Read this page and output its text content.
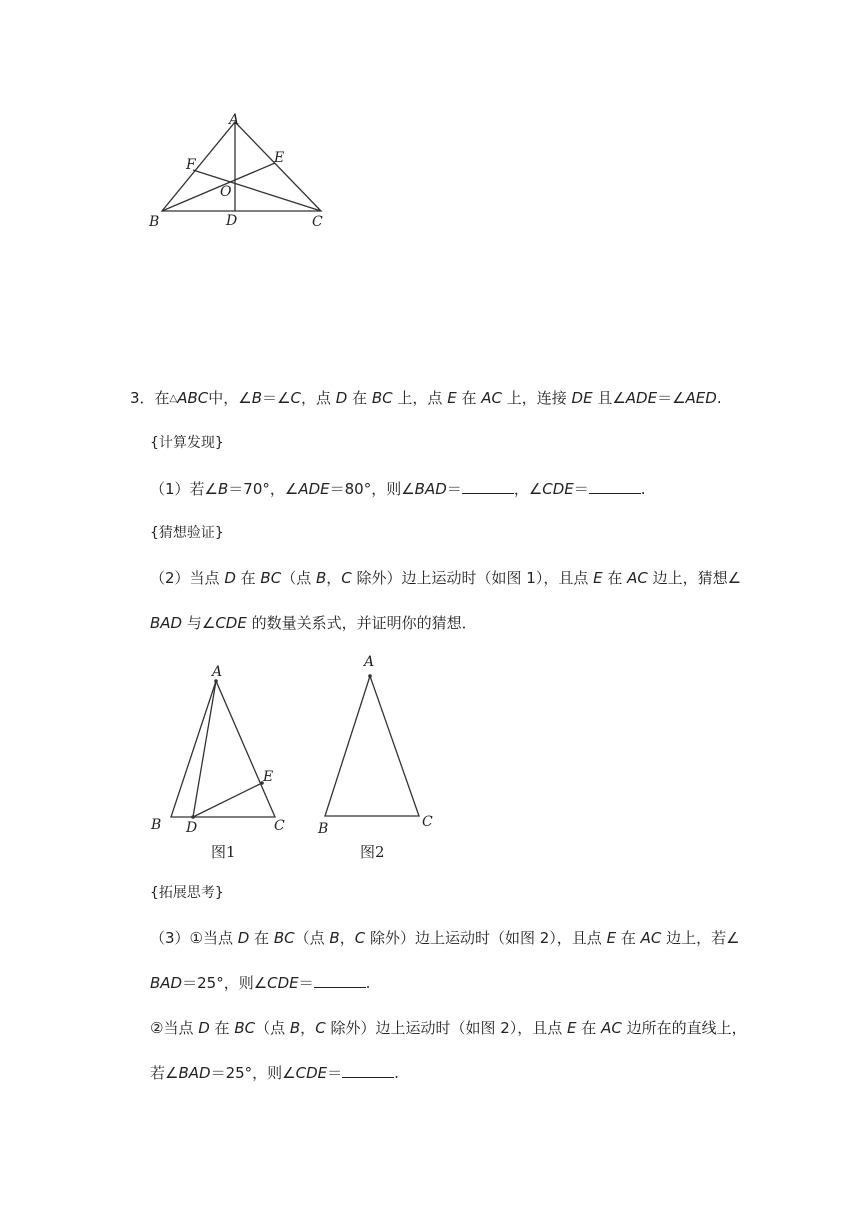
A
B	C
D
E
F
O
A
B	C
D
E
图1
A
B	C
图2
3．在△ABC中，∠B＝∠C，点 D 在 BC 上，点 E 在 AC 上，连接 DE 且∠ADE＝∠AED.
{计算发现}
（1）若∠B＝70°，∠ADE＝80°，则∠BAD＝	，∠CDE＝	.
{猜想验证}
（2）当点 D 在 BC（点 B，C 除外）边上运动时（如图 1），且点 E 在 AC 边上，猜想∠
BAD 与∠CDE 的数量关系式，并证明你的猜想．
{拓展思考}
（3）①当点 D 在 BC（点 B，C 除外）边上运动时（如图 2），且点 E 在 AC 边上，若∠
BAD＝25°，则∠CDE＝	.
②当点 D 在 BC（点 B，C 除外）边上运动时（如图 2），且点 E 在 AC 边所在的直线上，
若∠BAD＝25°，则∠CDE＝	.
